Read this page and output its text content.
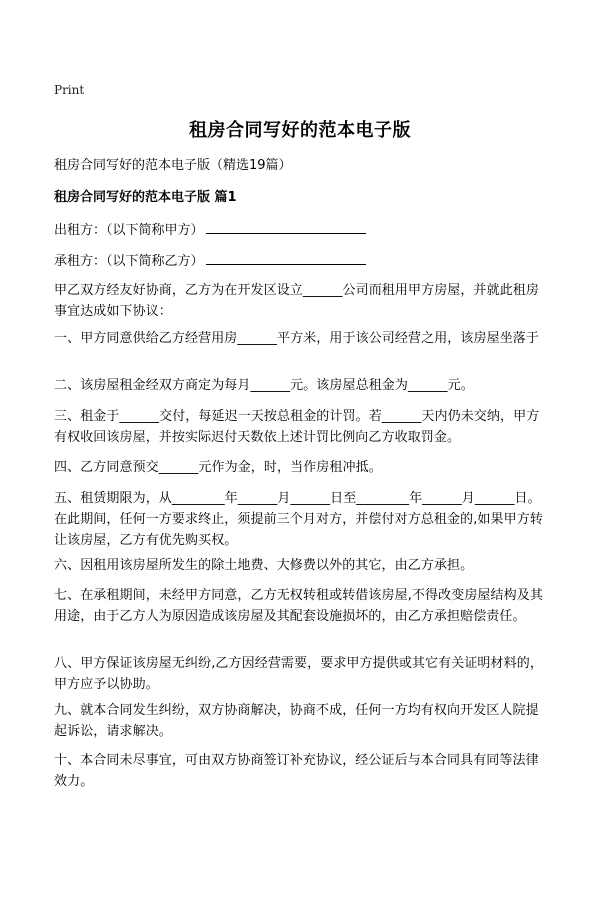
Print
租房合同写好的范本电子版
租房合同写好的范本电子版（精选19篇）
租房合同写好的范本电子版 篇1
出租方：（以下简称甲方）
承租方：（以下简称乙方）
甲乙双方经友好协商，乙方为在开发区设立______公司而租用甲方房屋，并就此租房事宜达成如下协议：
一、甲方同意供给乙方经营用房______平方米，用于该公司经营之用，该房屋坐落于
二、该房屋租金经双方商定为每月______元。该房屋总租金为______元。
三、租金于______交付，每延迟一天按总租金的计罚。若______天内仍未交纳，甲方有权收回该房屋，并按实际迟付天数依上述计罚比例向乙方收取罚金。
四、乙方同意预交______元作为金，时，当作房租冲抵。
五、租赁期限为，从________年______月______日至________年______月______日。在此期间，任何一方要求终止，须提前三个月对方，并偿付对方总租金的,如果甲方转让该房屋，乙方有优先购买权。
六、因租用该房屋所发生的除土地费、大修费以外的其它，由乙方承担。
七、在承租期间，未经甲方同意，乙方无权转租或转借该房屋,不得改变房屋结构及其用途，由于乙方人为原因造成该房屋及其配套设施损坏的，由乙方承担赔偿责任。
八、甲方保证该房屋无纠纷,乙方因经营需要，要求甲方提供或其它有关证明材料的，甲方应予以协助。
九、就本合同发生纠纷，双方协商解决，协商不成，任何一方均有权向开发区人院提起诉讼，请求解决。
十、本合同未尽事宜，可由双方协商签订补充协议，经公证后与本合同具有同等法律效力。
